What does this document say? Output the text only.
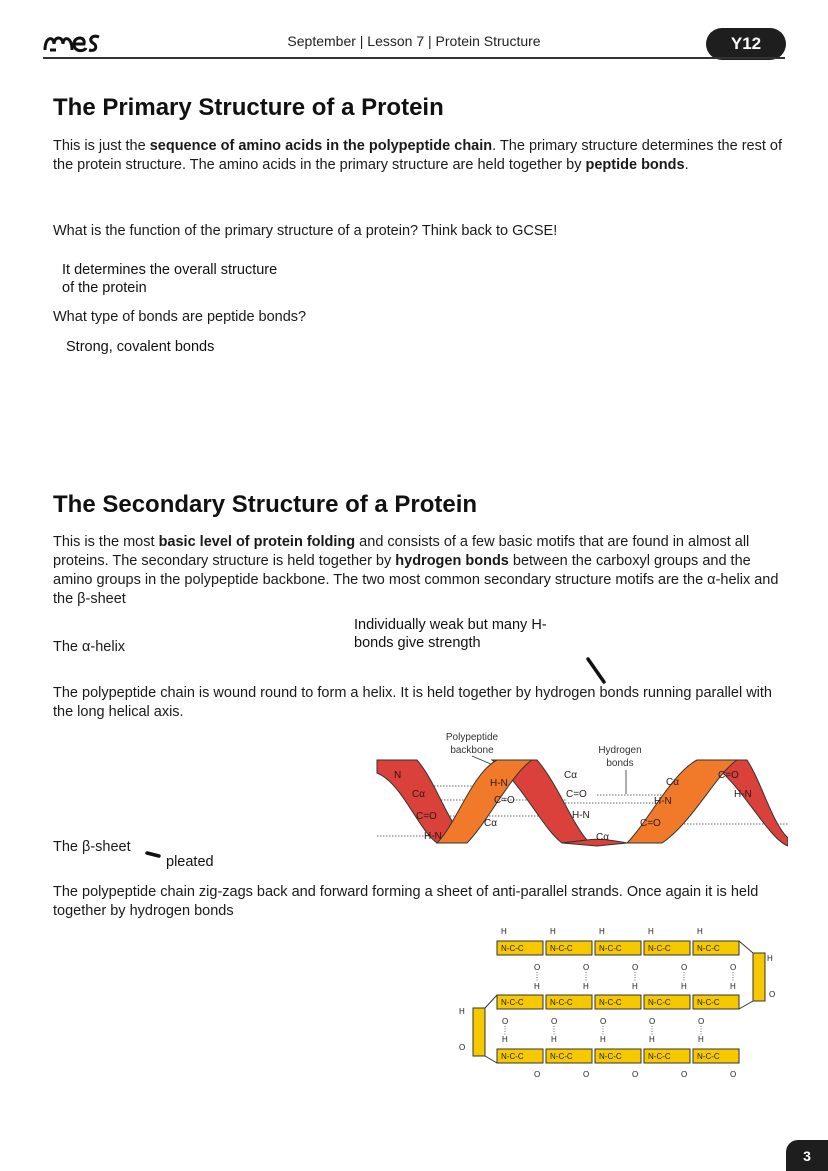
September | Lesson 7 | Protein Structure	Y12
The Primary Structure of a Protein
This is just the sequence of amino acids in the polypeptide chain. The primary structure determines the rest of the protein structure. The amino acids in the primary structure are held together by peptide bonds.
What is the function of the primary structure of a protein? Think back to GCSE!
It determines the overall structure
of the protein
What type of bonds are peptide bonds?
Strong, covalent bonds
The Secondary Structure of a Protein
This is the most basic level of protein folding and consists of a few basic motifs that are found in almost all proteins. The secondary structure is held together by hydrogen bonds between the carboxyl groups and the amino groups in the polypeptide backbone. The two most common secondary structure motifs are the α-helix and the β-sheet
Individually weak but many H-
bonds give strength
The α-helix
The polypeptide chain is wound round to form a helix. It is held together by hydrogen bonds running parallel with the long helical axis.
Polypeptide
backbone	Hydrogen
bonds
N
Cα
C=O
H-N
H-N
C=O
Cα
Cα
C=O
H-N
Cα
Cα
H-N
C=O
C=O
H-N
The β-sheet
pleated
The polypeptide chain zig-zags back and forward forming a sheet of anti-parallel strands. Once again it is held together by hydrogen bonds
N-C-C	N-C-C	N-C-C	N-C-C	N-C-C
N-C-C	N-C-C	N-C-C	N-C-C	N-C-C
N-C-C	N-C-C	N-C-C	N-C-C	N-C-C
H	H	H	H	H
O	O	O	O	O
H	H	H	H	H
O	O	O	O	O
H	H	H	H	H
O	O	O	O	O
H
O
H
O
3
